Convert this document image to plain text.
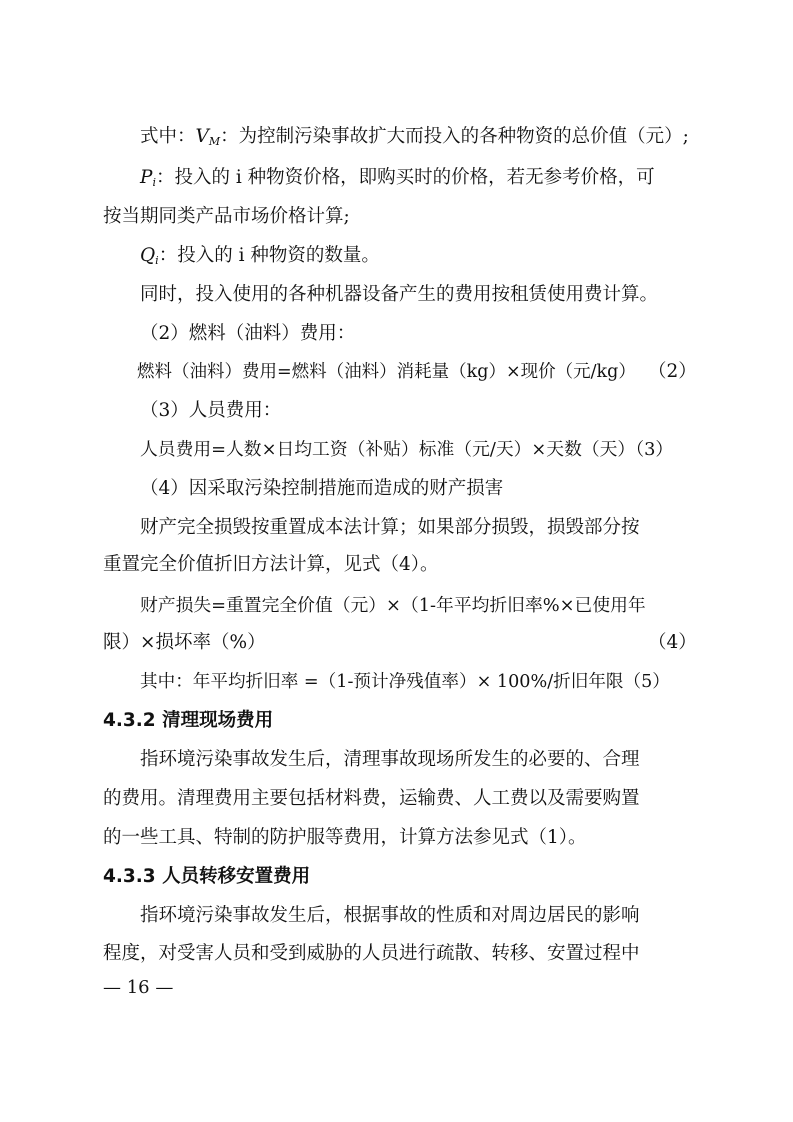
式中：$V_M$：为控制污染事故扩大而投入的各种物资的总价值（元）;
$P_i$：投入的 i 种物资价格，即购买时的价格，若无参考价格，可
按当期同类产品市场价格计算;
$Q_i$：投入的 i 种物资的数量。
同时，投入使用的各种机器设备产生的费用按租赁使用费计算。
（2）燃料（油料）费用：
燃料（油料）费用=燃料（油料）消耗量（kg）×现价（元/kg） （2）
（3）人员费用：
人员费用=人数×日均工资（补贴）标准（元/天）×天数（天）（3）
（4）因采取污染控制措施而造成的财产损害
财产完全损毁按重置成本法计算；如果部分损毁，损毁部分按
重置完全价值折旧方法计算，见式（4）。
财产损失=重置完全价值（元）×（1-年平均折旧率%×已使用年
限）×损坏率（%）	（4）
其中：年平均折旧率 =（1-预计净残值率）× 100%/折旧年限（5）
4.3.2 清理现场费用
指环境污染事故发生后，清理事故现场所发生的必要的、合理
的费用。清理费用主要包括材料费，运输费、人工费以及需要购置
的一些工具、特制的防护服等费用，计算方法参见式（1）。
4.3.3 人员转移安置费用
指环境污染事故发生后，根据事故的性质和对周边居民的影响
程度，对受害人员和受到威胁的人员进行疏散、转移、安置过程中
— 16 —
